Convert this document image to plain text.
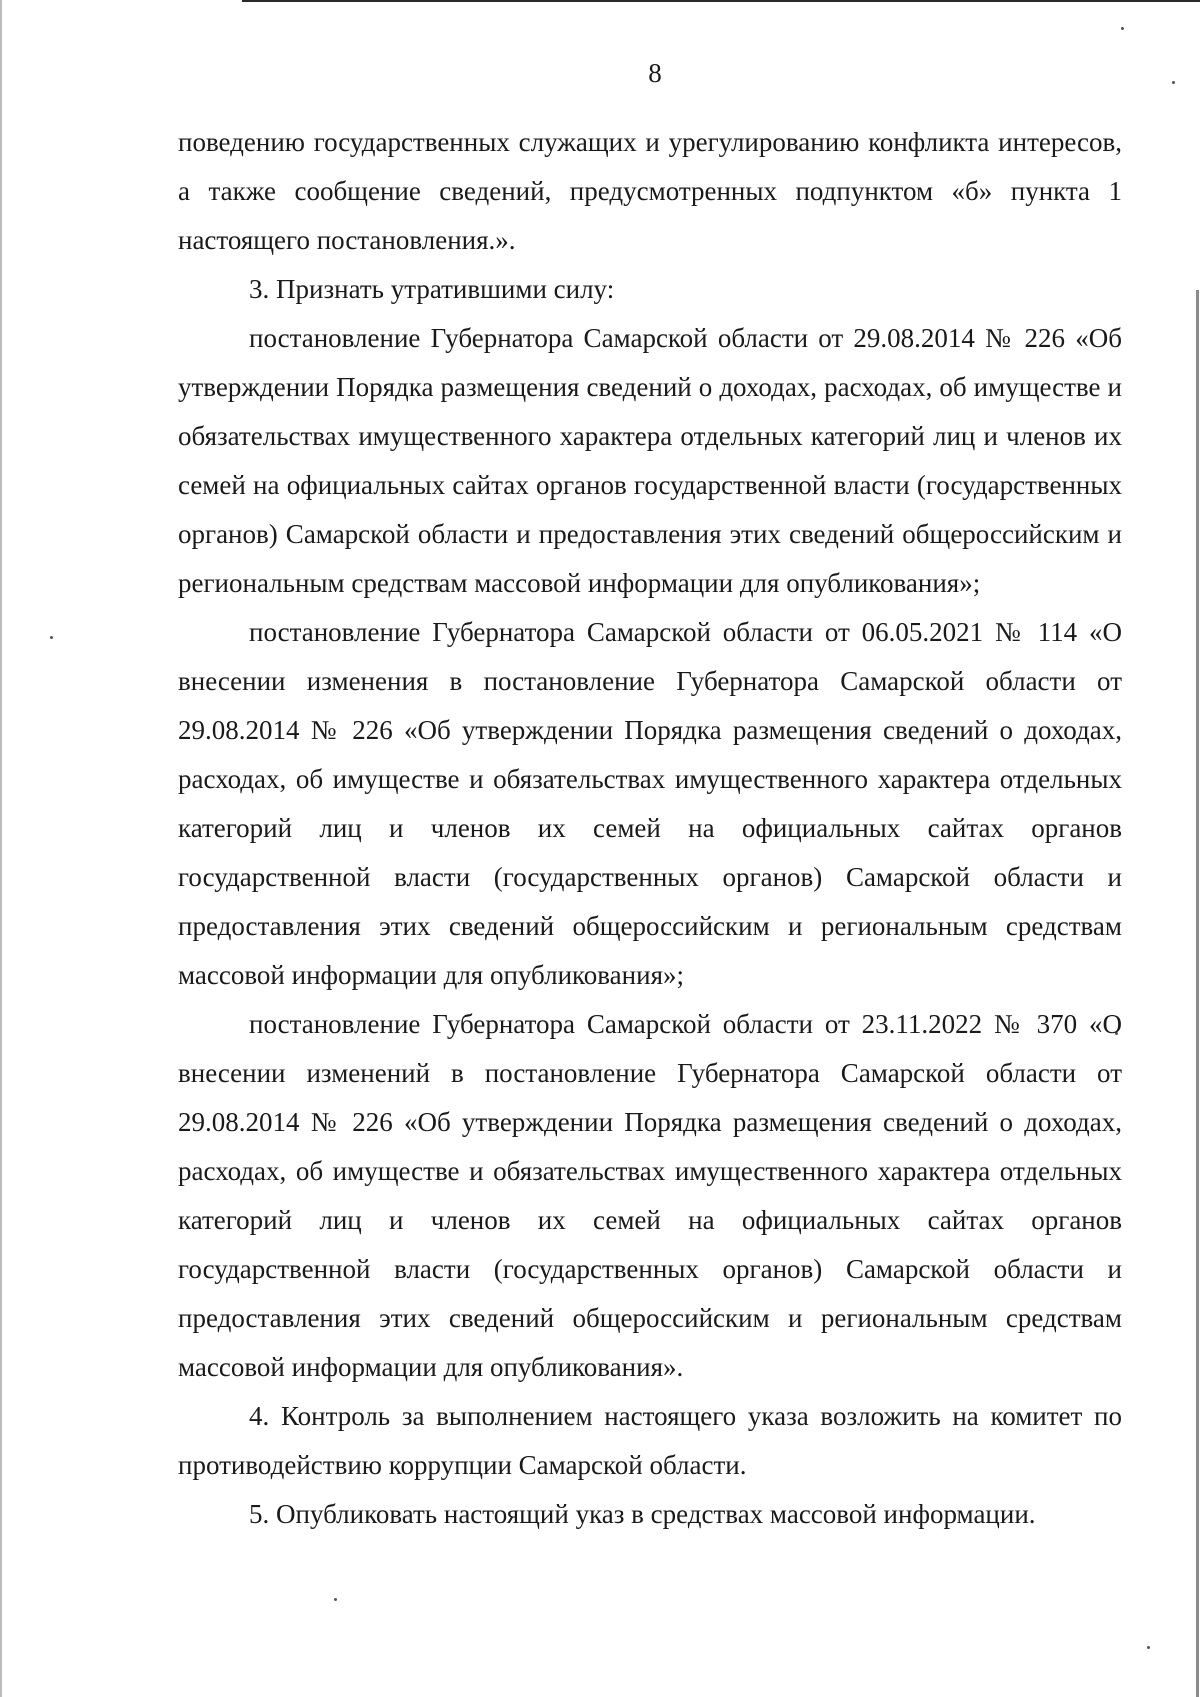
8

поведению государственных служащих и урегулированию конфликта интересов, а также сообщение сведений, предусмотренных подпунктом «б» пункта 1 настоящего постановления.».

3. Признать утратившими силу:

постановление Губернатора Самарской области от 29.08.2014 № 226 «Об утверждении Порядка размещения сведений о доходах, расходах, об имуществе и обязательствах имущественного характера отдельных категорий лиц и членов их семей на официальных сайтах органов государственной власти (государственных органов) Самарской области и предоставления этих сведений общероссийским и региональным средствам массовой информации для опубликования»;

постановление Губернатора Самарской области от 06.05.2021 № 114 «О внесении изменения в постановление Губернатора Самарской области от 29.08.2014 № 226 «Об утверждении Порядка размещения сведений о доходах, расходах, об имуществе и обязательствах имущественного характера отдельных категорий лиц и членов их семей на официальных сайтах органов государственной власти (государственных органов) Самарской области и предоставления этих сведений общероссийским и региональным средствам массовой информации для опубликования»;

постановление Губернатора Самарской области от 23.11.2022 № 370 «О внесении изменений в постановление Губернатора Самарской области от 29.08.2014 № 226 «Об утверждении Порядка размещения сведений о доходах, расходах, об имуществе и обязательствах имущественного характера отдельных категорий лиц и членов их семей на официальных сайтах органов государственной власти (государственных органов) Самарской области и предоставления этих сведений общероссийским и региональным средствам массовой информации для опубликования».

4. Контроль за выполнением настоящего указа возложить на комитет по противодействию коррупции Самарской области.

5. Опубликовать настоящий указ в средствах массовой информации.
